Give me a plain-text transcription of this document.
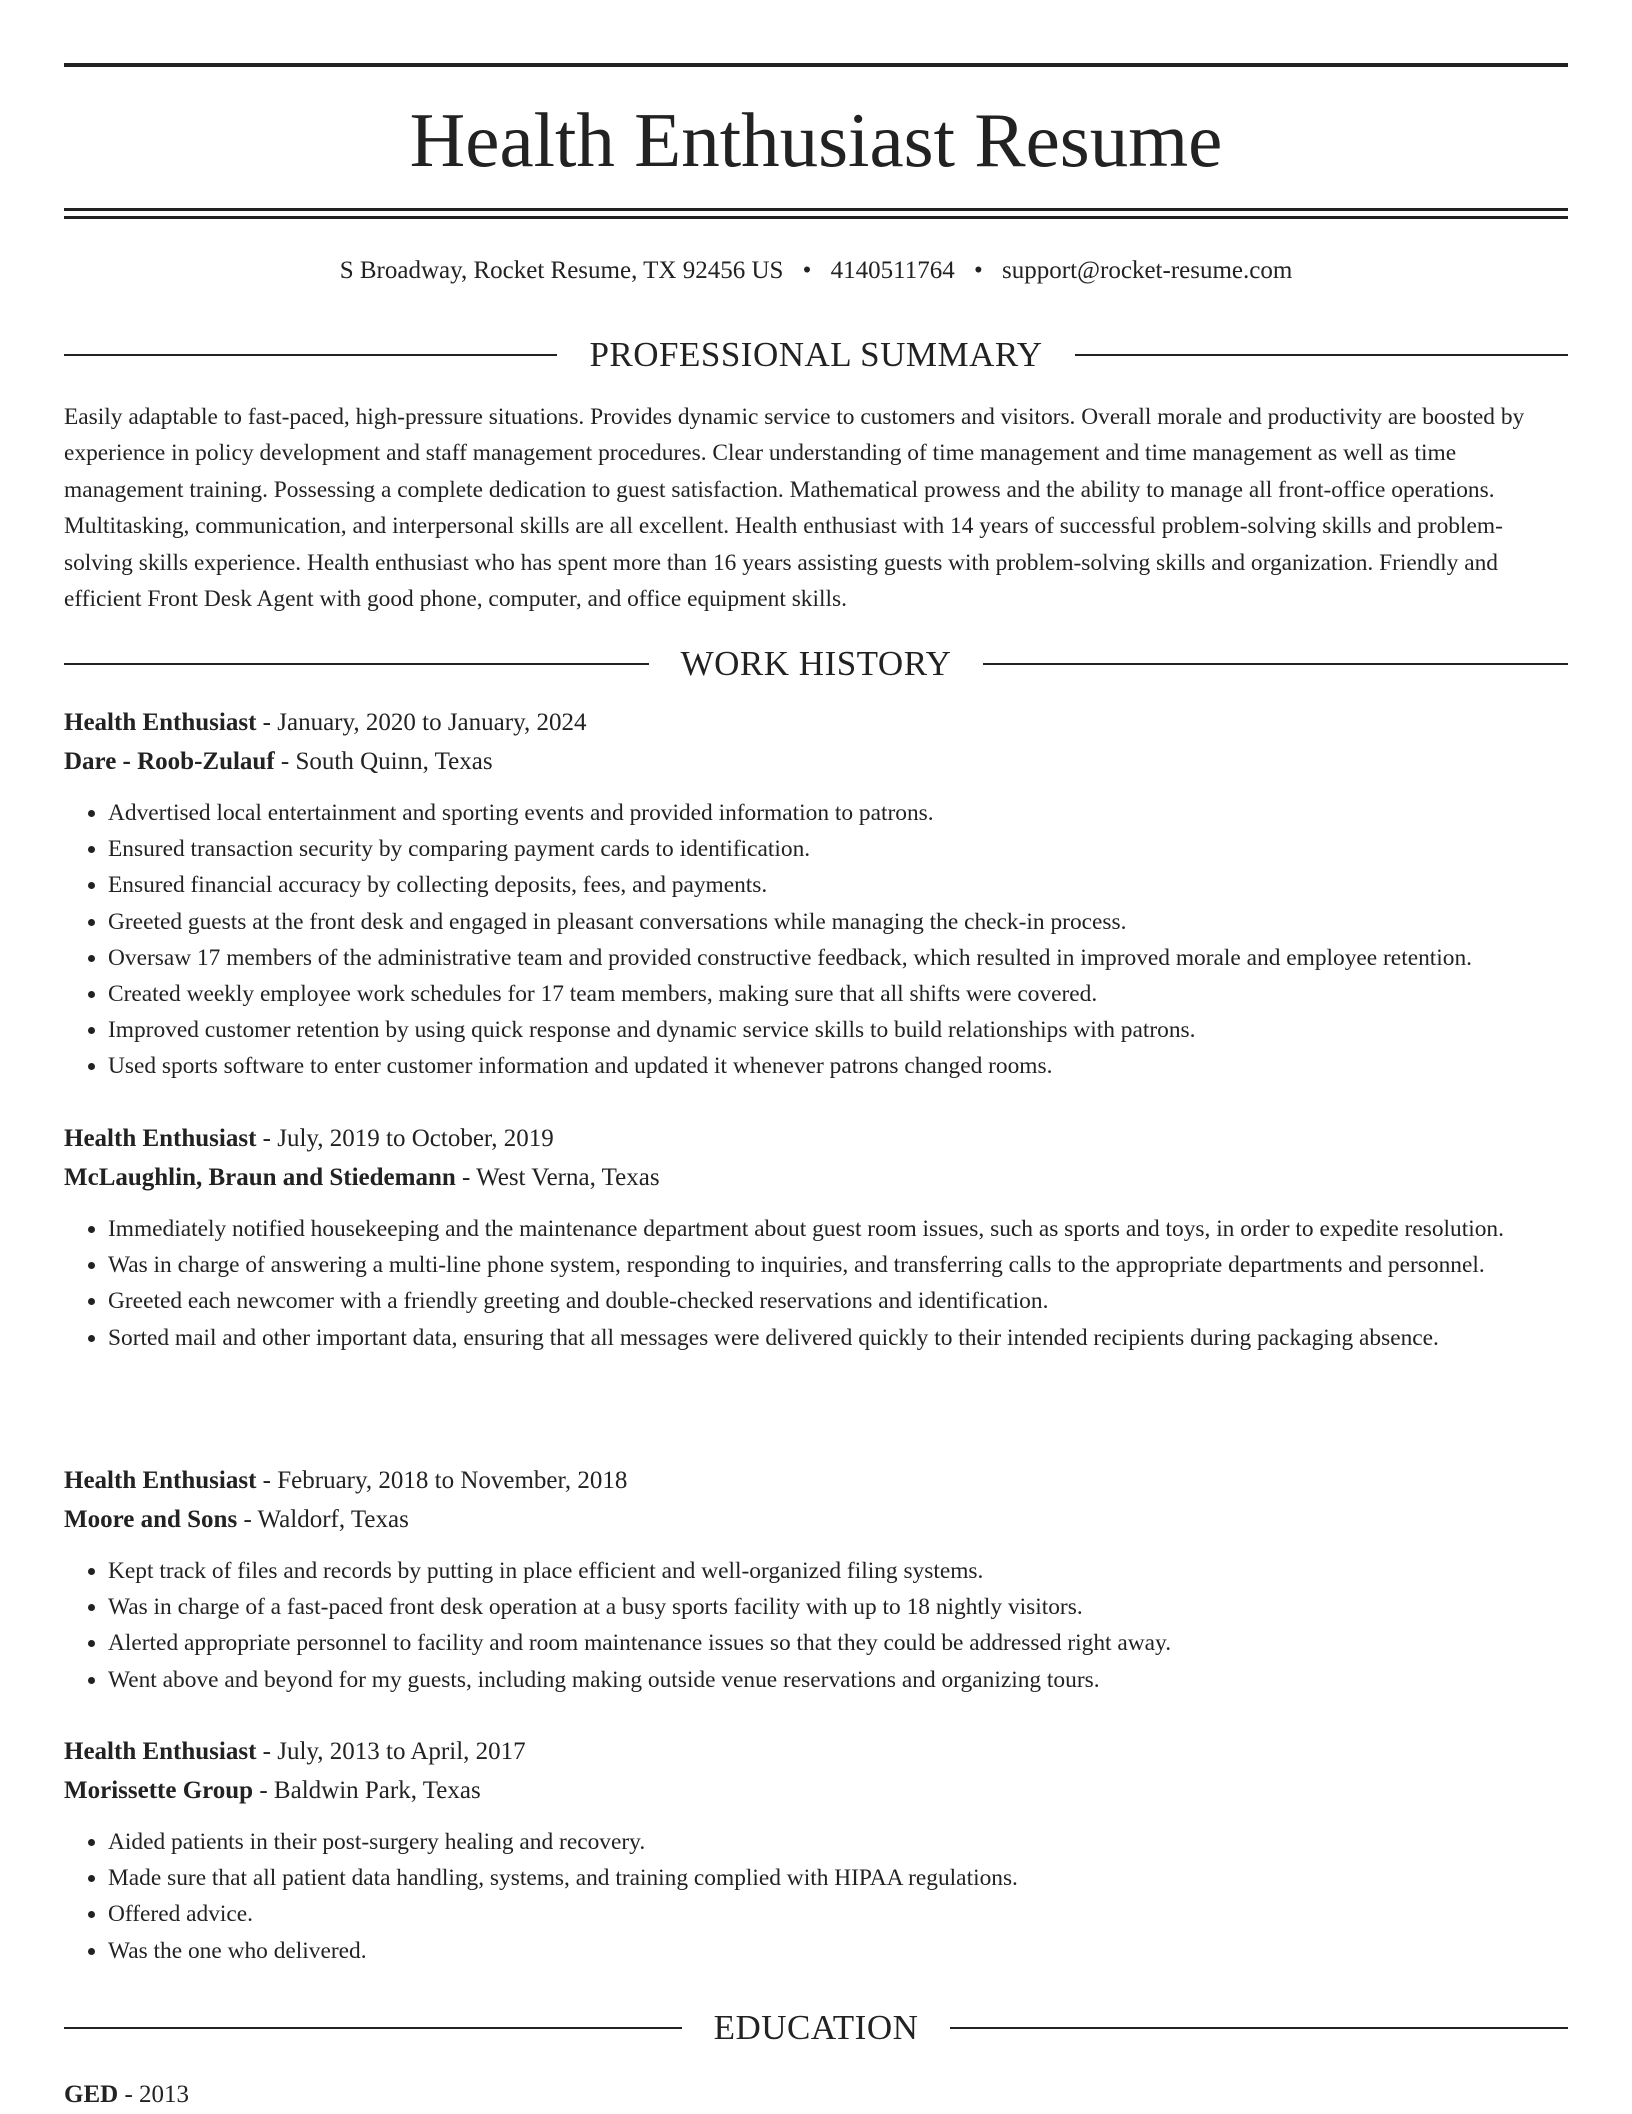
Health Enthusiast Resume
S Broadway, Rocket Resume, TX 92456 US • 4140511764 • support@rocket-resume.com
PROFESSIONAL SUMMARY

Easily adaptable to fast-paced, high-pressure situations. Provides dynamic service to customers and visitors. Overall morale and productivity are boosted by experience in policy development and staff management procedures. Clear understanding of time management and time management as well as time management training. Possessing a complete dedication to guest satisfaction. Mathematical prowess and the ability to manage all front-office operations. Multitasking, communication, and interpersonal skills are all excellent. Health enthusiast with 14 years of successful problem-solving skills and problem-solving skills experience. Health enthusiast who has spent more than 16 years assisting guests with problem-solving skills and organization. Friendly and efficient Front Desk Agent with good phone, computer, and office equipment skills.

WORK HISTORY

Health Enthusiast - January, 2020 to January, 2024

Dare - Roob-Zulauf - South Quinn, Texas

• Advertised local entertainment and sporting events and provided information to patrons.
• Ensured transaction security by comparing payment cards to identification.
• Ensured financial accuracy by collecting deposits, fees, and payments.
• Greeted guests at the front desk and engaged in pleasant conversations while managing the check-in process.
• Oversaw 17 members of the administrative team and provided constructive feedback, which resulted in improved morale and employee retention.
• Created weekly employee work schedules for 17 team members, making sure that all shifts were covered.
• Improved customer retention by using quick response and dynamic service skills to build relationships with patrons.
• Used sports software to enter customer information and updated it whenever patrons changed rooms.

Health Enthusiast - July, 2019 to October, 2019

McLaughlin, Braun and Stiedemann - West Verna, Texas

• Immediately notified housekeeping and the maintenance department about guest room issues, such as sports and toys, in order to expedite resolution.
• Was in charge of answering a multi-line phone system, responding to inquiries, and transferring calls to the appropriate departments and personnel.
• Greeted each newcomer with a friendly greeting and double-checked reservations and identification.
• Sorted mail and other important data, ensuring that all messages were delivered quickly to their intended recipients during packaging absence.

Health Enthusiast - February, 2018 to November, 2018

Moore and Sons - Waldorf, Texas

• Kept track of files and records by putting in place efficient and well-organized filing systems.
• Was in charge of a fast-paced front desk operation at a busy sports facility with up to 18 nightly visitors.
• Alerted appropriate personnel to facility and room maintenance issues so that they could be addressed right away.
• Went above and beyond for my guests, including making outside venue reservations and organizing tours.

Health Enthusiast - July, 2013 to April, 2017

Morissette Group - Baldwin Park, Texas

• Aided patients in their post-surgery healing and recovery.
• Made sure that all patient data handling, systems, and training complied with HIPAA regulations.
• Offered advice.
• Was the one who delivered.
EDUCATION
GED - 2013
